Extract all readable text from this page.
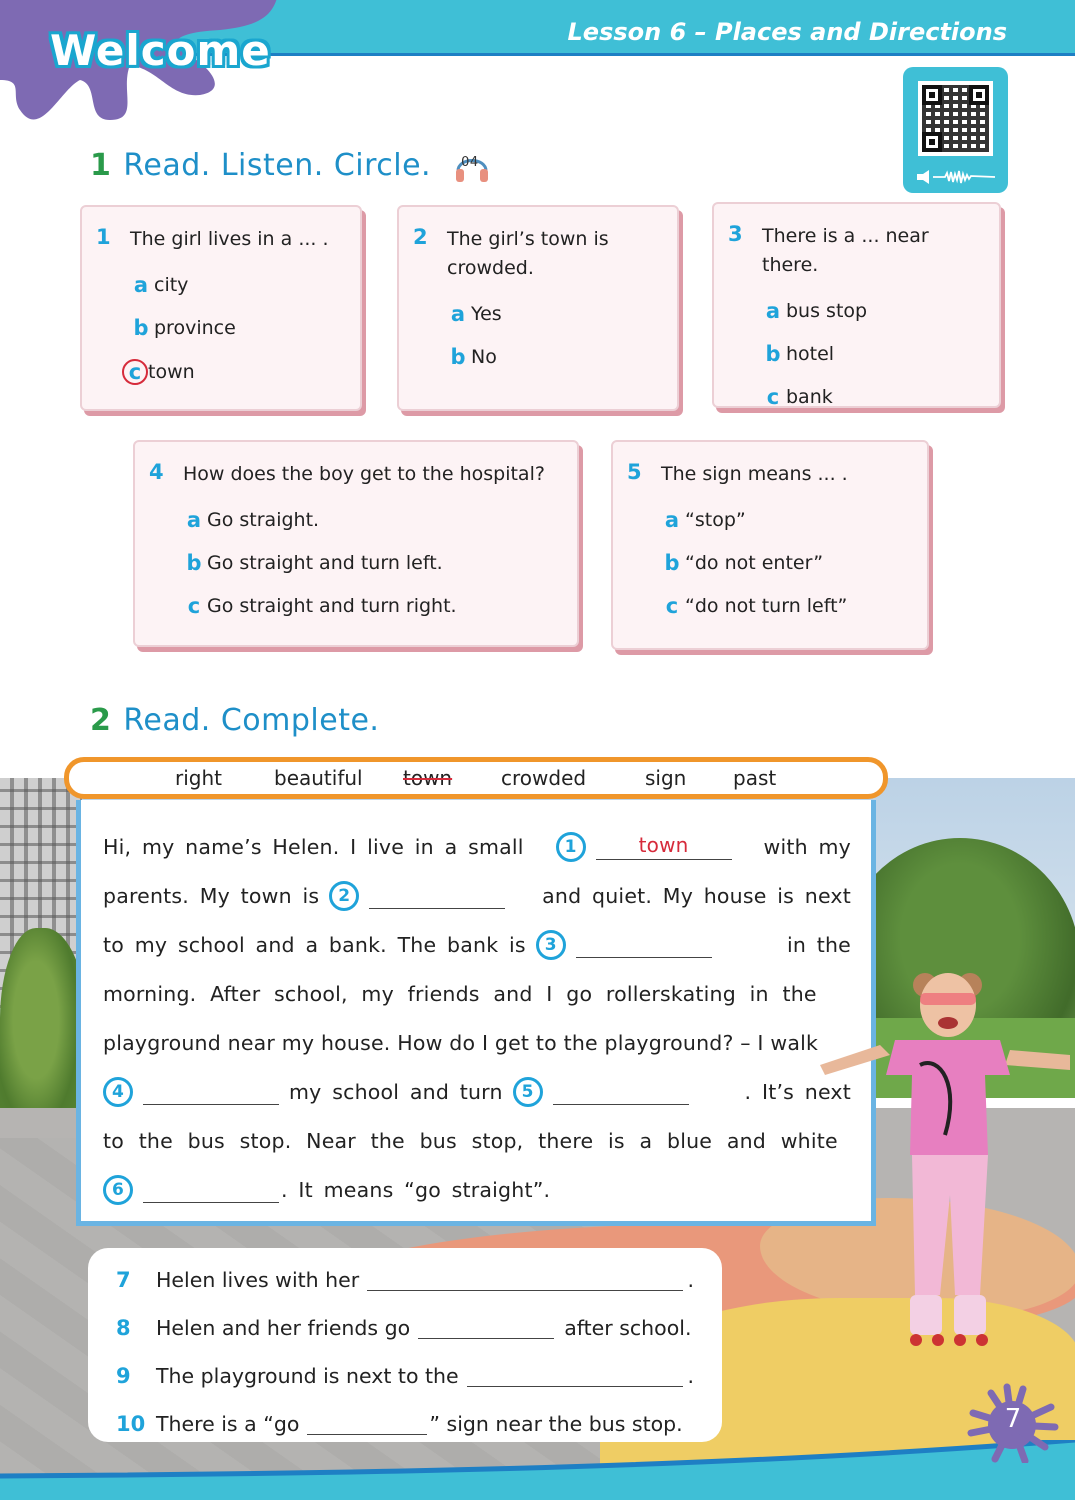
Welcome	Lesson 6 – Places and Directions
1 Read. Listen. Circle. 04
1	The girl lives in a ... .
a city
b province
c town
2	The girl’s town is crowded.
a Yes
b No
3	There is a ... near there.
a bus stop
b hotel
c bank
4	How does the boy get to the hospital?
a Go straight.
b Go straight and turn left.
c Go straight and turn right.
5	The sign means ... .
a “stop”
b “do not enter”
c “do not turn left”
2 Read. Complete.
right	beautiful town crowded	sign past
Hi, my name’s Helen. I live in a small	1	town	with my
parents. My town is	2	and quiet. My house is next
to my school and a bank. The bank is	3	in the
morning. After school, my friends and I go rollerskating in the
playground near my house. How do I get to the playground? – I walk
4	my school and turn	5	. It’s next
to the bus stop. Near the bus stop, there is a blue and white
6	. It means “go straight”.
7	Helen lives with her	.
8	Helen and her friends go	after school.
9	The playground is next to the	.
10 There is a “go	” sign near the bus stop.	7
